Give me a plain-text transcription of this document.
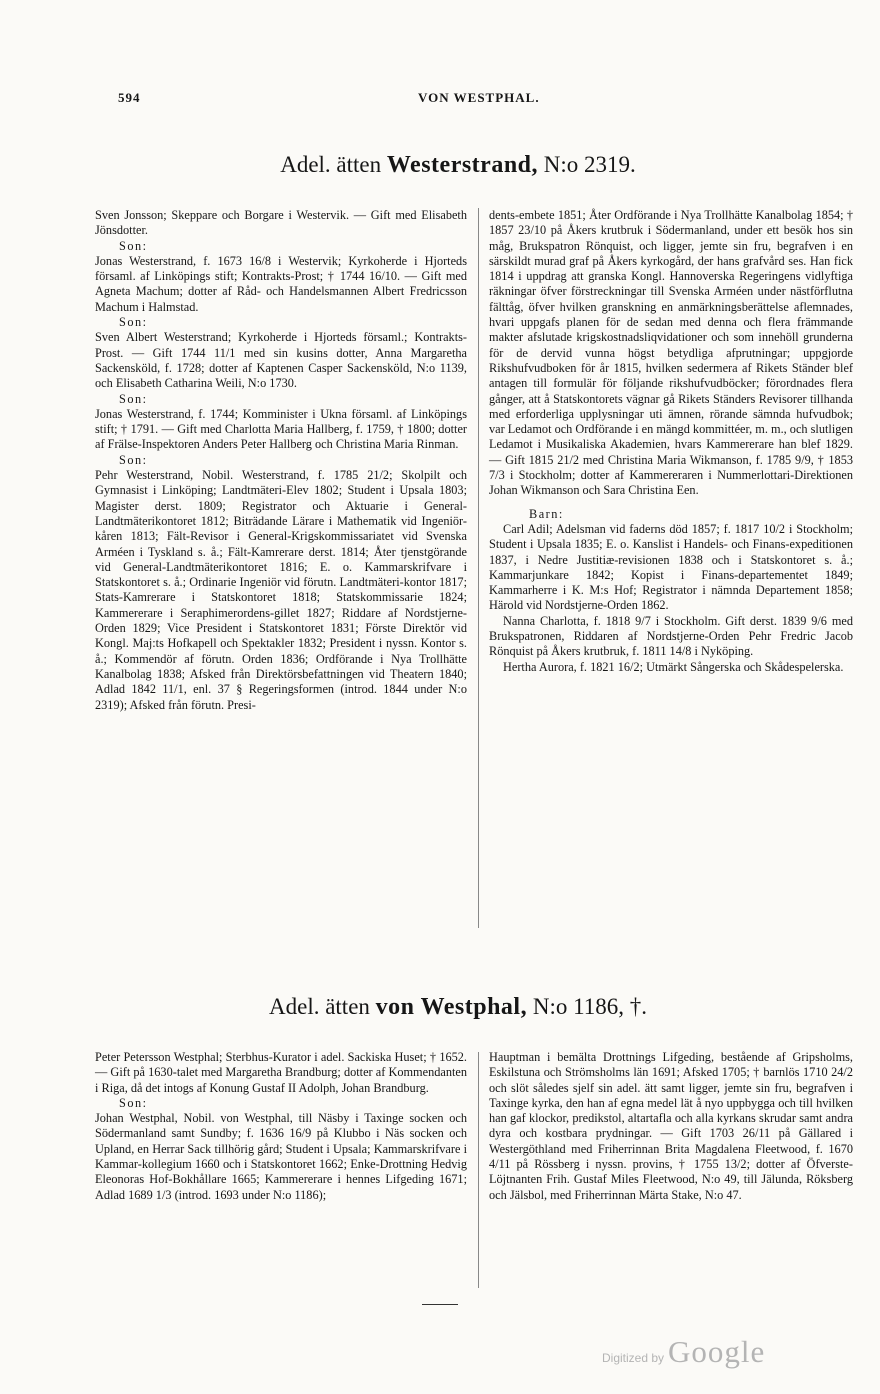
594	VON WESTPHAL.
Adel. ätten Westerstrand, N:o 2319.

Sven Jonsson; Skeppare och Borgare i Westervik. — Gift med Elisabeth Jönsdotter.

Son:

Jonas Westerstrand, f. 1673 16/8 i Westervik; Kyrkoherde i Hjorteds församl. af Linköpings stift; Kontrakts-Prost; † 1744 16/10. — Gift med Agneta Machum; dotter af Råd- och Handelsmannen Albert Fredricsson Machum i Halmstad.

Son:

Sven Albert Westerstrand; Kyrkoherde i Hjorteds församl.; Kontrakts-Prost. — Gift 1744 11/1 med sin kusins dotter, Anna Margaretha Sackensköld, f. 1728; dotter af Kaptenen Casper Sackensköld, N:o 1139, och Elisabeth Catharina Weili, N:o 1730.

Son:

Jonas Westerstrand, f. 1744; Komminister i Ukna församl. af Linköpings stift; † 1791. — Gift med Charlotta Maria Hallberg, f. 1759, † 1800; dotter af Frälse-Inspektoren Anders Peter Hallberg och Christina Maria Rinman.

Son:

Pehr Westerstrand, Nobil. Westerstrand, f. 1785 21/2; Skolpilt och Gymnasist i Linköping; Landtmäteri-Elev 1802; Student i Upsala 1803; Magister derst. 1809; Registrator och Aktuarie i General-Landtmäterikontoret 1812; Biträdande Lärare i Mathematik vid Ingeniör-kåren 1813; Fält-Revisor i General-Krigskommissariatet vid Svenska Arméen i Tyskland s. å.; Fält-Kamrerare derst. 1814; Åter tjenstgörande vid General-Landtmäterikontoret 1816; E. o. Kammarskrifvare i Statskontoret s. å.; Ordinarie Ingeniör vid förutn. Landtmäteri-kontor 1817; Stats-Kamrerare i Statskontoret 1818; Statskommissarie 1824; Kammererare i Seraphimerordens-gillet 1827; Riddare af Nordstjerne-Orden 1829; Vice President i Statskontoret 1831; Förste Direktör vid Kongl. Maj:ts Hofkapell och Spektakler 1832; President i nyssn. Kontor s. å.; Kommendör af förutn. Orden 1836; Ordförande i Nya Trollhätte Kanalbolag 1838; Afsked från Direktörsbefattningen vid Theatern 1840; Adlad 1842 11/1, enl. 37 § Regeringsformen (introd. 1844 under N:o 2319); Afsked från förutn. Presi-

dents-embete 1851; Åter Ordförande i Nya Trollhätte Kanalbolag 1854; † 1857 23/10 på Åkers krutbruk i Södermanland, under ett besök hos sin måg, Brukspatron Rönquist, och ligger, jemte sin fru, begrafven i en särskildt murad graf på Åkers kyrkogård, der hans grafvård ses. Han fick 1814 i uppdrag att granska Kongl. Hannoverska Regeringens vidlyftiga räkningar öfver förstreckningar till Svenska Arméen under nästförflutna fälttåg, öfver hvilken granskning en anmärkningsberättelse aflemnades, hvari uppgafs planen för de sedan med denna och flera främmande makter afslutade krigskostnadsliqvidationer och som innehöll grunderna för de dervid vunna högst betydliga afprutningar; uppgjorde Rikshufvudboken för år 1815, hvilken sedermera af Rikets Ständer blef antagen till formulär för följande rikshufvudböcker; förordnades flera gånger, att å Statskontorets vägnar gå Rikets Ständers Revisorer tillhanda med erforderliga upplysningar uti ämnen, rörande sämnda hufvudbok; var Ledamot och Ordförande i en mängd kommittéer, m. m., och slutligen Ledamot i Musikaliska Akademien, hvars Kammererare han blef 1829. — Gift 1815 21/2 med Christina Maria Wikmanson, f. 1785 9/9, † 1853 7/3 i Stockholm; dotter af Kammereraren i Nummerlottari-Direktionen Johan Wikmanson och Sara Christina Een.

Barn:

Carl Adil; Adelsman vid faderns död 1857; f. 1817 10/2 i Stockholm; Student i Upsala 1835; E. o. Kanslist i Handels- och Finans-expeditionen 1837, i Nedre Justitiæ-revisionen 1838 och i Statskontoret s. å.; Kammarjunkare 1842; Kopist i Finans-departementet 1849; Kammarherre i K. M:s Hof; Registrator i nämnda Departement 1858; Härold vid Nordstjerne-Orden 1862.

Nanna Charlotta, f. 1818 9/7 i Stockholm. Gift derst. 1839 9/6 med Brukspatronen, Riddaren af Nordstjerne-Orden Pehr Fredric Jacob Rönquist på Åkers krutbruk, f. 1811 14/8 i Nyköping.

Hertha Aurora, f. 1821 16/2; Utmärkt Sångerska och Skådespelerska.

Adel. ätten von Westphal, N:o 1186, †.

Peter Petersson Westphal; Sterbhus-Kurator i adel. Sackiska Huset; † 1652. — Gift på 1630-talet med Margaretha Brandburg; dotter af Kommendanten i Riga, då det intogs af Konung Gustaf II Adolph, Johan Brandburg.

Son:

Johan Westphal, Nobil. von Westphal, till Näsby i Taxinge socken och Södermanland samt Sundby; f. 1636 16/9 på Klubbo i Näs socken och Upland, en Herrar Sack tillhörig gård; Student i Upsala; Kammarskrifvare i Kammar-kollegium 1660 och i Statskontoret 1662; Enke-Drottning Hedvig Eleonoras Hof-Bokhållare 1665; Kammererare i hennes Lifgeding 1671; Adlad 1689 1/3 (introd. 1693 under N:o 1186);

Hauptman i bemälta Drottnings Lifgeding, bestående af Gripsholms, Eskilstuna och Strömsholms län 1691; Afsked 1705; † barnlös 1710 24/2 och slöt således sjelf sin adel. ätt samt ligger, jemte sin fru, begrafven i Taxinge kyrka, den han af egna medel lät å nyo uppbygga och till hvilken han gaf klockor, predikstol, altartafla och alla kyrkans skrudar samt andra dyra och kostbara prydningar. — Gift 1703 26/11 på Gällared i Westergöthland med Friherrinnan Brita Magdalena Fleetwood, f. 1670 4/11 på Rössberg i nyssn. provins, † 1755 13/2; dotter af Öfverste-Löjtnanten Frih. Gustaf Miles Fleetwood, N:o 49, till Jälunda, Röksberg och Jälsbol, med Friherrinnan Märta Stake, N:o 47.

Digitized by Google
